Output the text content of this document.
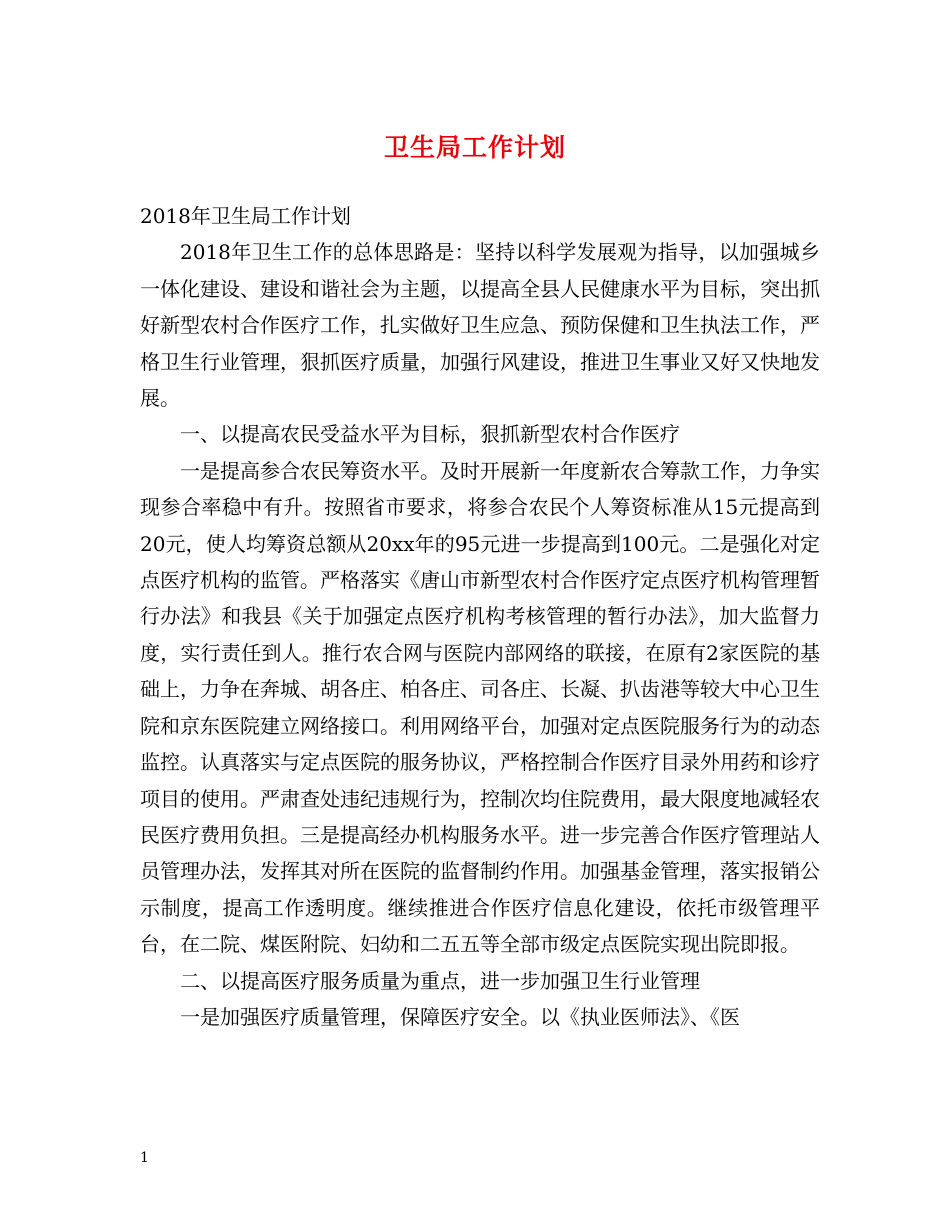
卫生局工作计划

2018年卫生局工作计划

2018年卫生工作的总体思路是：坚持以科学发展观为指导，以加强城乡一体化建设、建设和谐社会为主题，以提高全县人民健康水平为目标，突出抓好新型农村合作医疗工作，扎实做好卫生应急、预防保健和卫生执法工作，严格卫生行业管理，狠抓医疗质量，加强行风建设，推进卫生事业又好又快地发展。

一、以提高农民受益水平为目标，狠抓新型农村合作医疗

一是提高参合农民筹资水平。及时开展新一年度新农合筹款工作，力争实现参合率稳中有升。按照省市要求，将参合农民个人筹资标准从15元提高到 20元，使人均筹资总额从20xx年的95元进一步提高到100元。二是强化对定点医疗机构的监管。严格落实《唐山市新型农村合作医疗定点医疗机构管理暂行办法》和我县《关于加强定点医疗机构考核管理的暂行办法》，加大监督力度，实行责任到人。推行农合网与医院内部网络的联接，在原有2家医院的基础上，力争在奔城、胡各庄、柏各庄、司各庄、长凝、扒齿港等较大中心卫生院和京东医院建立网络接口。利用网络平台，加强对定点医院服务行为的动态监控。认真落实与定点医院的服务协议，严格控制合作医疗目录外用药和诊疗项目的使用。严肃查处违纪违规行为，控制次均住院费用，最大限度地减轻农民医疗费用负担。三是提高经办机构服务水平。进一步完善合作医疗管理站人员管理办法，发挥其对所在医院的监督制约作用。加强基金管理，落实报销公示制度，提高工作透明度。继续推进合作医疗信息化建设，依托市级管理平台，在二院、煤医附院、妇幼和二五五等全部市级定点医院实现出院即报。

二、以提高医疗服务质量为重点，进一步加强卫生行业管理

一是加强医疗质量管理，保障医疗安全。以《执业医师法》、《医

1
